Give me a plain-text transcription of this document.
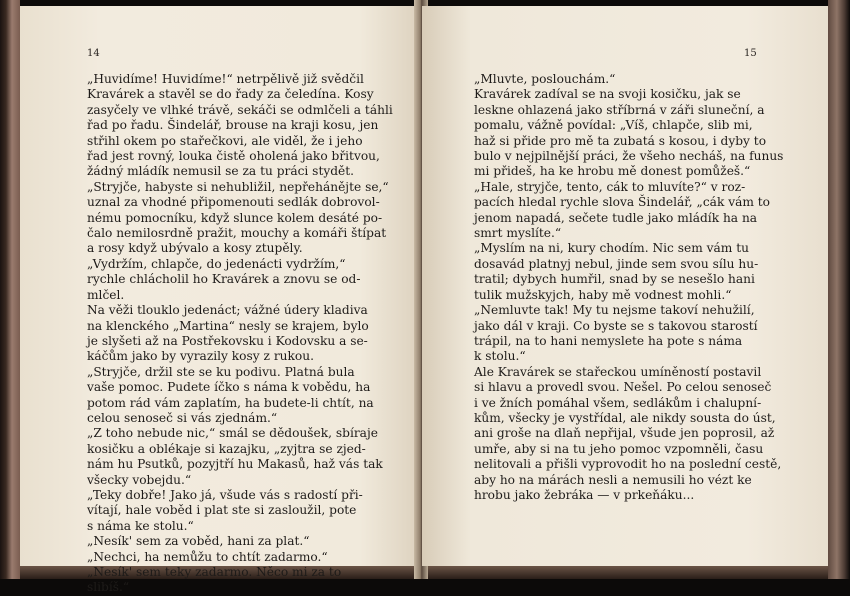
14
„Huvidíme! Huvidíme!“ netrpělivě již svědčil
Kravárek a stavěl se do řady za čeledína. Kosy
zasyčely ve vlhké trávě, sekáči se odmlčeli a táhli
řad po řadu. Šindelář, brouse na kraji kosu, jen
střihl okem po stařečkovi, ale viděl, že i jeho
řad jest rovný, louka čistě oholená jako břitvou,
žádný mládík nemusil se za tu práci stydět.
„Stryjče, habyste si nehubližil, nepřehánějte se,“
uznal za vhodné připomenouti sedlák dobrovol-
nému pomocníku, když slunce kolem desáté po-
čalo nemilosrdně pražit, mouchy a komáři štípat
a rosy když ubývalo a kosy ztupěly.
„Vydržím, chlapče, do jedenácti vydržím,“
rychle chlácholil ho Kravárek a znovu se od-
mlčel.
Na věži tlouklo jedenáct; vážné údery kladiva
na klenckého „Martina“ nesly se krajem, bylo
je slyšeti až na Postřekovsku i Kodovsku a se-
káčům jako by vyrazily kosy z rukou.
„Stryjče, držil ste se ku podivu. Platná bula
vaše pomoc. Pudete íčko s náma k vobědu, ha
potom rád vám zaplatím, ha budete-li chtít, na
celou senoseč si vás zjednám.“
„Z toho nebude nic,“ smál se dědoušek, sbíraje
kosičku a oblékaje si kazajku, „zyjtra se zjed-
nám hu Psutků, pozyjtří hu Makasů, haž vás tak
všecky vobejdu.“
„Teky dobře! Jako já, všude vás s radostí při-
vítají, hale voběd i plat ste si zasloužil, pote
s náma ke stolu.“
„Nesík' sem za voběd, hani za plat.“
„Nechci, ha nemůžu to chtít zadarmo.“
„Nesík' sem teky zadarmo. Něco mi za to
slibíš.“
15
„Mluvte, poslouchám.“
Kravárek zadíval se na svoji kosičku, jak se
leskne ohlazená jako stříbrná v záři sluneční, a
pomalu, vážně povídal: „Víš, chlapče, slib mi,
haž si přide pro mě ta zubatá s kosou, i dyby to
bulo v nejpilnější práci, že všeho necháš, na funus
mi přideš, ha ke hrobu mě donest pomůžeš.“
„Hale, stryjče, tento, cák to mluvíte?“ v roz-
pacích hledal rychle slova Šindelář, „cák vám to
jenom napadá, sečete tudle jako mládík ha na
smrt myslíte.“
„Myslím na ni, kury chodím. Nic sem vám tu
dosavád platnyj nebul, jinde sem svou sílu hu-
tratil; dybych humřil, snad by se nesešlo hani
tulik mužskyjch, haby mě vodnest mohli.“
„Nemluvte tak! My tu nejsme takoví nehužilí,
jako dál v kraji. Co byste se s takovou starostí
trápil, na to hani nemyslete ha pote s náma
k stolu.“
Ale Kravárek se stařeckou umíněností postavil
si hlavu a provedl svou. Nešel. Po celou senoseč
i ve žních pomáhal všem, sedlákům i chalupní-
kům, všecky je vystřídal, ale nikdy sousta do úst,
ani groše na dlaň nepřijal, všude jen poprosil, až
umře, aby si na tu jeho pomoc vzpomněli, času
nelitovali a přišli vyprovodit ho na poslední cestě,
aby ho na márách nesli a nemusili ho vézt ke
hrobu jako žebráka — v prkeňáku...
